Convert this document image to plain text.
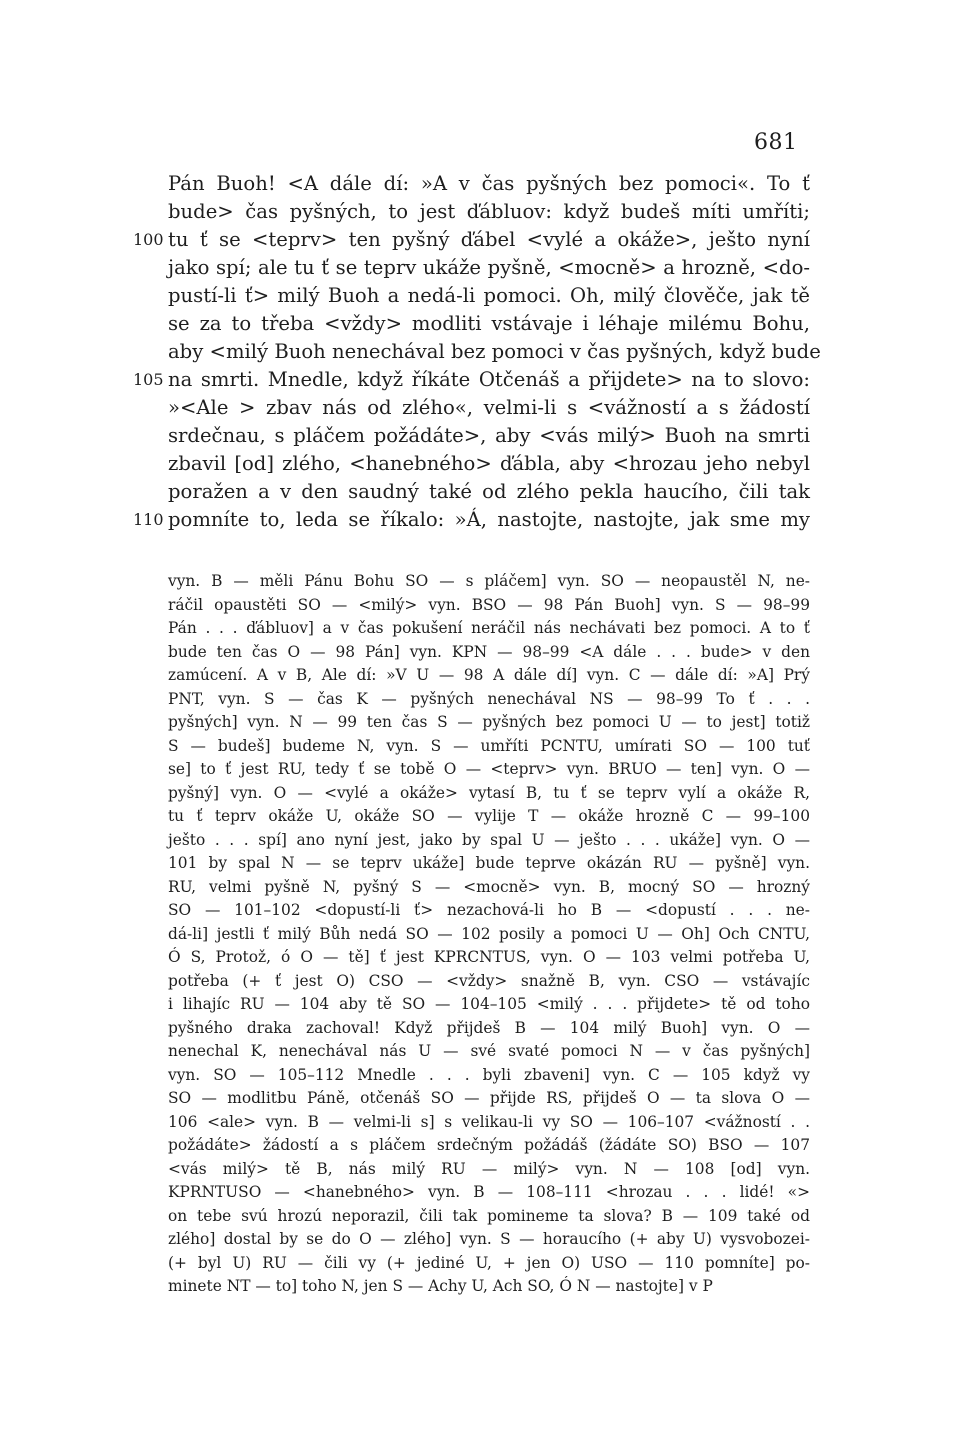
681
Pán Buoh! <A dále dí: »A v čas pyšných bez pomoci«. To ť
bude> čas pyšných, to jest ďábluov: když budeš míti umříti;
100 tu ť se <teprv> ten pyšný ďábel <vylé a okáže>, ješto nyní
jako spí; ale tu ť se teprv ukáže pyšně, <mocně> a hrozně, <do-
pustí-li ť> milý Buoh a nedá-li pomoci. Oh, milý člověče, jak tě
se za to třeba <vždy> modliti vstávaje i léhaje milému Bohu,
aby <milý Buoh nenechával bez pomoci v čas pyšných, když bude
105 na smrti. Mnedle, když říkáte Otčenáš a přijdete> na to slovo:
»<Ale > zbav nás od zlého«, velmi-li s <vážností a s žádostí
srdečnau, s pláčem požádáte>, aby <vás milý> Buoh na smrti
zbavil [od] zlého, <hanebného> ďábla, aby <hrozau jeho nebyl
poražen a v den saudný také od zlého pekla haucího, čili tak
110 pomníte to, leda se říkalo: »Á, nastojte, nastojte, jak sme my
vyn. B — měli Pánu Bohu SO — s pláčem] vyn. SO — neopaustěl N, ne-
ráčil opaustěti SO — <milý> vyn. BSO — 98 Pán Buoh] vyn. S — 98–99
Pán . . . ďábluov] a v čas pokušení neráčil nás nechávati bez pomoci. A to ť
bude ten čas O — 98 Pán] vyn. KPN — 98–99 <A dále . . . bude> v den
zamúcení. A v B, Ale dí: »V U — 98 A dále dí] vyn. C — dále dí: »A] Prý
PNT, vyn. S — čas K — pyšných nenechával NS — 98–99 To ť . . .
pyšných] vyn. N — 99 ten čas S — pyšných bez pomoci U — to jest] totiž
S — budeš] budeme N, vyn. S — umříti PCNTU, umírati SO — 100 tuť
se] to ť jest RU, tedy ť se tobě O — <teprv> vyn. BRUO — ten] vyn. O —
pyšný] vyn. O — <vylé a okáže> vytasí B, tu ť se teprv vylí a okáže R,
tu ť teprv okáže U, okáže SO — vylije T — okáže hrozně C — 99–100
ješto . . . spí] ano nyní jest, jako by spal U — ješto . . . ukáže] vyn. O —
101 by spal N — se teprv ukáže] bude teprve okázán RU — pyšně] vyn.
RU, velmi pyšně N, pyšný S — <mocně> vyn. B, mocný SO — hrozný
SO — 101–102 <dopustí-li ť> nezachová-li ho B — <dopustí . . . ne-
dá-li] jestli ť milý Bůh nedá SO — 102 posily a pomoci U — Oh] Och CNTU,
Ó S, Protož, ó O — tě] ť jest KPRCNTUS, vyn. O — 103 velmi potřeba U,
potřeba (+ ť jest O) CSO — <vždy> snažně B, vyn. CSO — vstávajíc
i lihajíc RU — 104 aby tě SO — 104–105 <milý . . . přijdete> tě od toho
pyšného draka zachoval! Když přijdeš B — 104 milý Buoh] vyn. O —
nenechal K, nenechával nás U — své svaté pomoci N — v čas pyšných]
vyn. SO — 105–112 Mnedle . . . byli zbaveni] vyn. C — 105 když vy
SO — modlitbu Páně, otčenáš SO — přijde RS, přijdeš O — ta slova O —
106 <ale> vyn. B — velmi-li s] s velikau-li vy SO — 106–107 <vážností . .
požádáte> žádostí a s pláčem srdečným požádáš (žádáte SO) BSO — 107
<vás milý> tě B, nás milý RU — milý> vyn. N — 108 [od] vyn.
KPRNTUSO — <hanebného> vyn. B — 108–111 <hrozau . . . lidé! «>
on tebe svú hrozú neporazil, čili tak pomineme ta slova? B — 109 také od
zlého] dostal by se do O — zlého] vyn. S — horaucího (+ aby U) vysvobozei-
(+ byl U) RU — čili vy (+ jediné U, + jen O) USO — 110 pomníte] po-
minete NT — to] toho N, jen S — Achy U, Ach SO, Ó N — nastojte] v P
